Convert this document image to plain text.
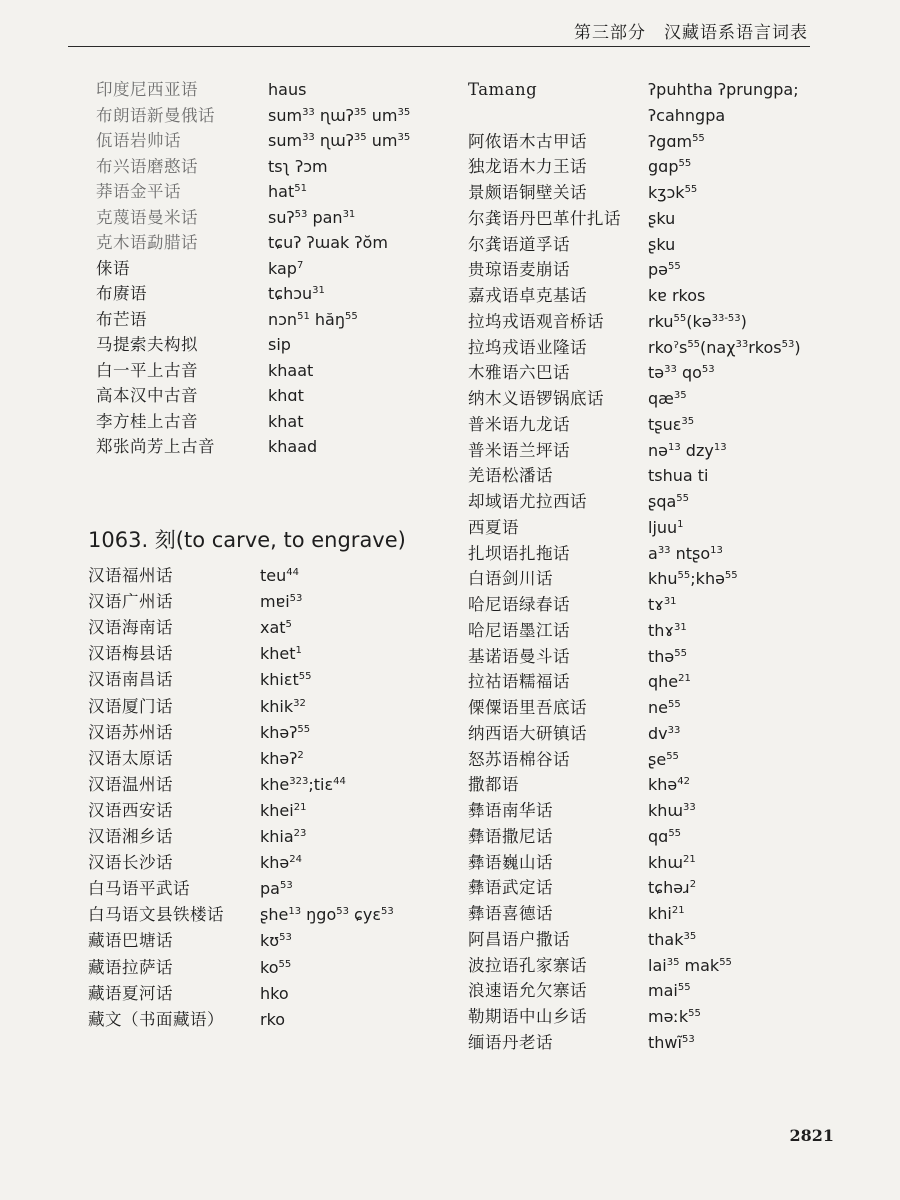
第三部分　汉藏语系语言词表
印度尼西亚语	haus
布朗语新曼俄话	sum$^{33}$ ɳɯʔ$^{35}$ $um^{35}$
佤语岩帅话	sum$^{33}$ ɳɯʔ$^{35}$ $um^{35}$
布兴语磨憨话	tsʅ ʔɔm
莽语金平话	hat$^{51}$
克蔑语曼米话	suʔ$^{53}$ pan$^{31}$
克木语勐腊话	tɕuʔ ʔɯak ʔŏm
俫语	kap$^7$
布赓语	tɕhɔu$^{31}$
布芒语	nɔn$^{51}$ hăŋ$^{55}$
马提索夫构拟	sip
白一平上古音	khaat
高本汉中古音	khɑt
李方桂上古音	khat
郑张尚芳上古音	khaad
1063. 刻(to carve, to engrave)
汉语福州话	teu$^{44}$
汉语广州话	mɐi$^{53}$
汉语海南话	xat$^5$
汉语梅县话	khet$^1$
汉语南昌话	khiɛt$^{55}$
汉语厦门话	khik$^{32}$
汉语苏州话	khəʔ$^{55}$
汉语太原话	khəʔ$^2$
汉语温州话	khe$^{323}$;tiɛ$^{44}$
汉语西安话	khei$^{21}$
汉语湘乡话	khia$^{23}$
汉语长沙话	khə$^{24}$
白马语平武话	$pa^{53}$
白马语文县铁楼话 ʂhe$^{13}$ ŋgo$^{53}$ ɕyɛ$^{53}$
藏语巴塘话	kʊ$^{53}$
藏语拉萨话	$ko^{55}$
藏语夏河话	hko
藏文（书面藏语） rko
Tamang	ʔpuhtha ʔprungpa;
ʔcahngpa
阿侬语木古甲话	ʔgɑm$^{55}$
独龙语木力王话	gɑp$^{55}$
景颇语铜壁关话	kʒɔk$^{55}$
尔龚语丹巴革什扎话 ʂku
尔龚语道孚话	ʂku
贵琼语麦崩话	pə$^{55}$
嘉戎语卓克基话	kɐ rkos
拉坞戎语观音桥话	rku$^{55}$(kə$^{33-53}$)
拉坞戎语业隆话	rkoˀs$^{55}$(naχ$^{33}$rkos$^{53}$)
木雅语六巴话	tə$^{33}$ $qo^{53}$
纳木义语锣锅底话	$qæ^{35}$
普米语九龙话	tʂuɛ$^{35}$
普米语兰坪话	nə$^{13}$ dzy$^{13}$
羌语松潘话	tshua ti
却域语尤拉西话	ʂqa$^{55}$
西夏语	ljuu$^1$
扎坝语扎拖话	$a^{33}$ ntʂo$^{13}$
白语剑川话	khu$^{55}$;khə$^{55}$
哈尼语绿春话	tɤ$^{31}$
哈尼语墨江话	thɤ$^{31}$
基诺语曼斗话	thə$^{55}$
拉祜语糯福话	qhe$^{21}$
傈僳语里吾底话	$ne^{55}$
纳西语大研镇话	$dv^{33}$
怒苏语棉谷话	ʂe$^{55}$
撒都语	khə$^{42}$
彝语南华话	khɯ$^{33}$
彝语撒尼话	qɑ$^{55}$
彝语巍山话	khɯ$^{21}$
彝语武定话	tɕhəɹ$^2$
彝语喜德话	khi$^{21}$
阿昌语户撒话	thak$^{35}$
波拉语孔家寨话	lai$^{35}$ mak$^{55}$
浪速语允欠寨话	mai$^{55}$
勒期语中山乡话	məːk$^{55}$
缅语丹老话	thwĩ$^{53}$
2821
